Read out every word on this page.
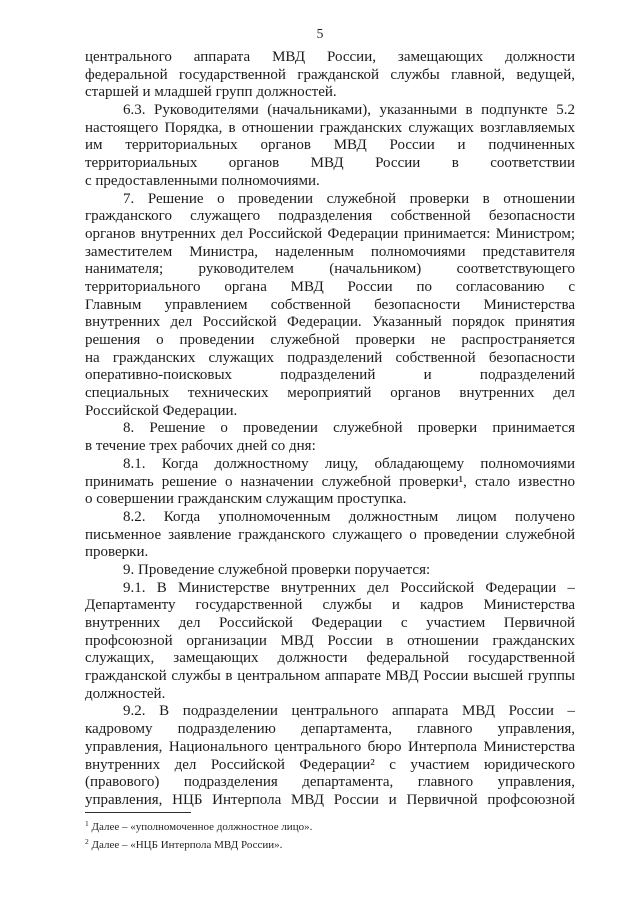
5
центрального аппарата МВД России, замещающих должности
федеральной государственной гражданской службы главной, ведущей,
старшей и младшей групп должностей.
6.3. Руководителями (начальниками), указанными в подпункте 5.2
настоящего Порядка, в отношении гражданских служащих возглавляемых
им территориальных органов МВД России и подчиненных
территориальных органов МВД России в соответствии
с предоставленными полномочиями.
7. Решение о проведении служебной проверки в отношении
гражданского служащего подразделения собственной безопасности
органов внутренних дел Российской Федерации принимается: Министром;
заместителем Министра, наделенным полномочиями представителя
нанимателя; руководителем (начальником) соответствующего
территориального органа МВД России по согласованию с
Главным управлением собственной безопасности Министерства
внутренних дел Российской Федерации. Указанный порядок принятия
решения о проведении служебной проверки не распространяется
на гражданских служащих подразделений собственной безопасности
оперативно-поисковых подразделений и подразделений
специальных технических мероприятий органов внутренних дел
Российской Федерации.
8. Решение о проведении служебной проверки принимается
в течение трех рабочих дней со дня:
8.1. Когда должностному лицу, обладающему полномочиями
принимать решение о назначении служебной проверки¹, стало известно
о совершении гражданским служащим проступка.
8.2. Когда уполномоченным должностным лицом получено
письменное заявление гражданского служащего о проведении служебной
проверки.
9. Проведение служебной проверки поручается:
9.1. В Министерстве внутренних дел Российской Федерации –
Департаменту государственной службы и кадров Министерства
внутренних дел Российской Федерации с участием Первичной
профсоюзной организации МВД России в отношении гражданских
служащих, замещающих должности федеральной государственной
гражданской службы в центральном аппарате МВД России высшей группы
должностей.
9.2. В подразделении центрального аппарата МВД России –
кадровому подразделению департамента, главного управления,
управления, Национального центрального бюро Интерпола Министерства
внутренних дел Российской Федерации² с участием юридического
(правового) подразделения департамента, главного управления,
управления, НЦБ Интерпола МВД России и Первичной профсоюзной
$^1$ Далее – «уполномоченное должностное лицо».
$^2$ Далее – «НЦБ Интерпола МВД России».
